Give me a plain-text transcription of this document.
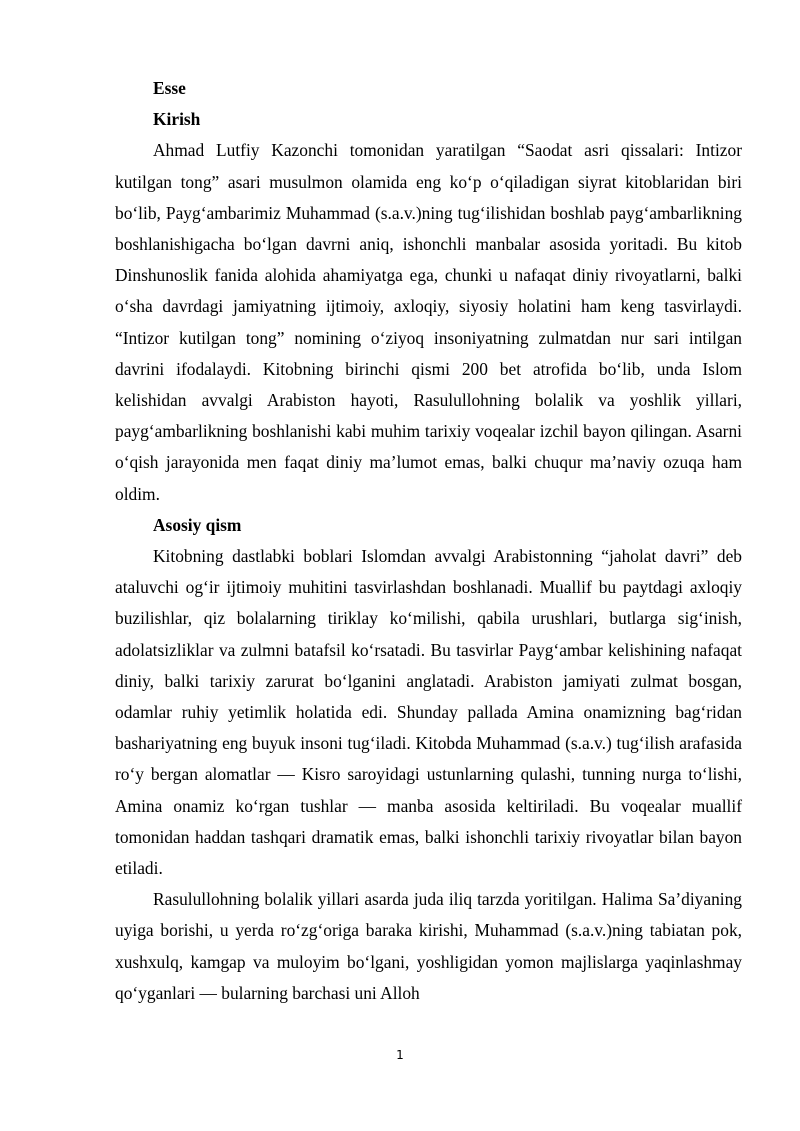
Esse

Kirish

Ahmad Lutfiy Kazonchi tomonidan yaratilgan “Saodat asri qissalari: Intizor kutilgan tong” asari musulmon olamida eng ko‘p o‘qiladigan siyrat kitoblaridan biri bo‘lib, Payg‘ambarimiz Muhammad (s.a.v.)ning tug‘ilishidan boshlab payg‘ambarlikning boshlanishigacha bo‘lgan davrni aniq, ishonchli manbalar asosida yoritadi. Bu kitob Dinshunoslik fanida alohida ahamiyatga ega, chunki u nafaqat diniy rivoyatlarni, balki o‘sha davrdagi jamiyatning ijtimoiy, axloqiy, siyosiy holatini ham keng tasvirlaydi. “Intizor kutilgan tong” nomining o‘ziyoq insoniyatning zulmatdan nur sari intilgan davrini ifodalaydi. Kitobning birinchi qismi 200 bet atrofida bo‘lib, unda Islom kelishidan avvalgi Arabiston hayoti, Rasulullohning bolalik va yoshlik yillari, payg‘ambarlikning boshlanishi kabi muhim tarixiy voqealar izchil bayon qilingan. Asarni o‘qish jarayonida men faqat diniy ma’lumot emas, balki chuqur ma’naviy ozuqa ham oldim.

Asosiy qism

Kitobning dastlabki boblari Islomdan avvalgi Arabistonning “jaholat davri” deb ataluvchi og‘ir ijtimoiy muhitini tasvirlashdan boshlanadi. Muallif bu paytdagi axloqiy buzilishlar, qiz bolalarning tiriklay ko‘milishi, qabila urushlari, butlarga sig‘inish, adolatsizliklar va zulmni batafsil ko‘rsatadi. Bu tasvirlar Payg‘ambar kelishining nafaqat diniy, balki tarixiy zarurat bo‘lganini anglatadi. Arabiston jamiyati zulmat bosgan, odamlar ruhiy yetimlik holatida edi. Shunday pallada Amina onamizning bag‘ridan bashariyatning eng buyuk insoni tug‘iladi. Kitobda Muhammad (s.a.v.) tug‘ilish arafasida ro‘y bergan alomatlar — Kisro saroyidagi ustunlarning qulashi, tunning nurga to‘lishi, Amina onamiz ko‘rgan tushlar — manba asosida keltiriladi. Bu voqealar muallif tomonidan haddan tashqari dramatik emas, balki ishonchli tarixiy rivoyatlar bilan bayon etiladi.

Rasulullohning bolalik yillari asarda juda iliq tarzda yoritilgan. Halima Sa’diyaning uyiga borishi, u yerda ro‘zg‘origa baraka kirishi, Muhammad (s.a.v.)ning tabiatan pok, xushxulq, kamgap va muloyim bo‘lgani, yoshligidan yomon majlislarga yaqinlashmay qo‘yganlari — bularning barchasi uni Alloh

1
